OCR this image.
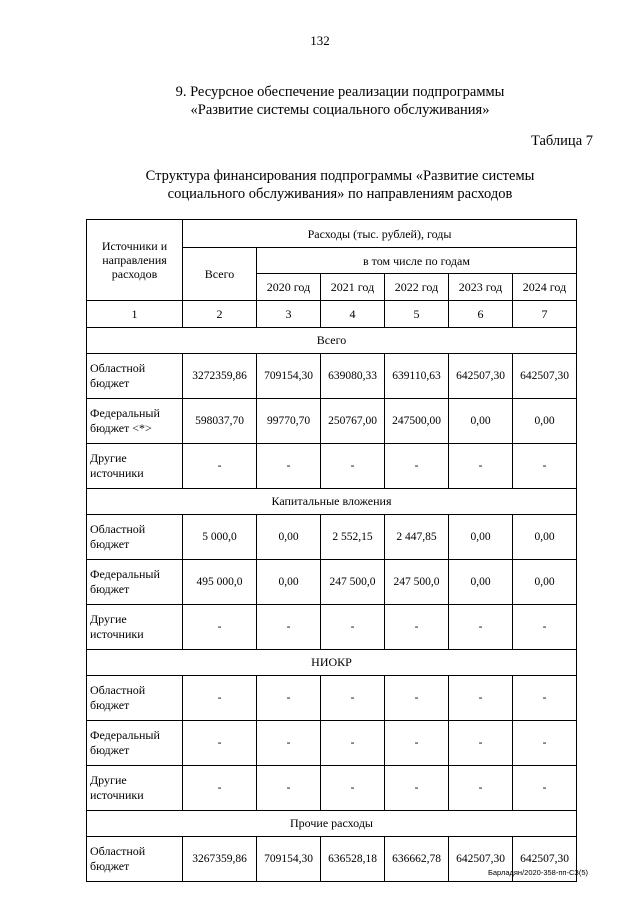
132
9. Ресурсное обеспечение реализации подпрограммы
«Развитие системы социального обслуживания»
Таблица 7
Структура финансирования подпрограммы «Развитие системы
социального обслуживания» по направлениям расходов
Источники и направления расходов	Расходы (тыс. рублей), годы					
	Всего	в том числе по годам				
		2020 год	2021 год	2022 год	2023 год	2024 год
1	2	3	4	5	6	7
Всего						
Областной бюджет	3272359,86	709154,30	639080,33	639110,63	642507,30	642507,30
Федеральный бюджет <*>	598037,70	99770,70	250767,00	247500,00	0,00	0,00
Другие источники	-	-	-	-	-	-
Капитальные вложения						
Областной бюджет	5 000,0	0,00	2 552,15	2 447,85	0,00	0,00
Федеральный бюджет	495 000,0	0,00	247 500,0	247 500,0	0,00	0,00
Другие источники	-	-	-	-	-	-
НИОКР						
Областной бюджет	-	-	-	-	-	-
Федеральный бюджет	-	-	-	-	-	-
Другие источники	-	-	-	-	-	-
Прочие расходы						
Областной бюджет	3267359,86	709154,30	636528,18	636662,78	642507,30	642507,30
Барладян/2020-358-пп-СЗ(5)
